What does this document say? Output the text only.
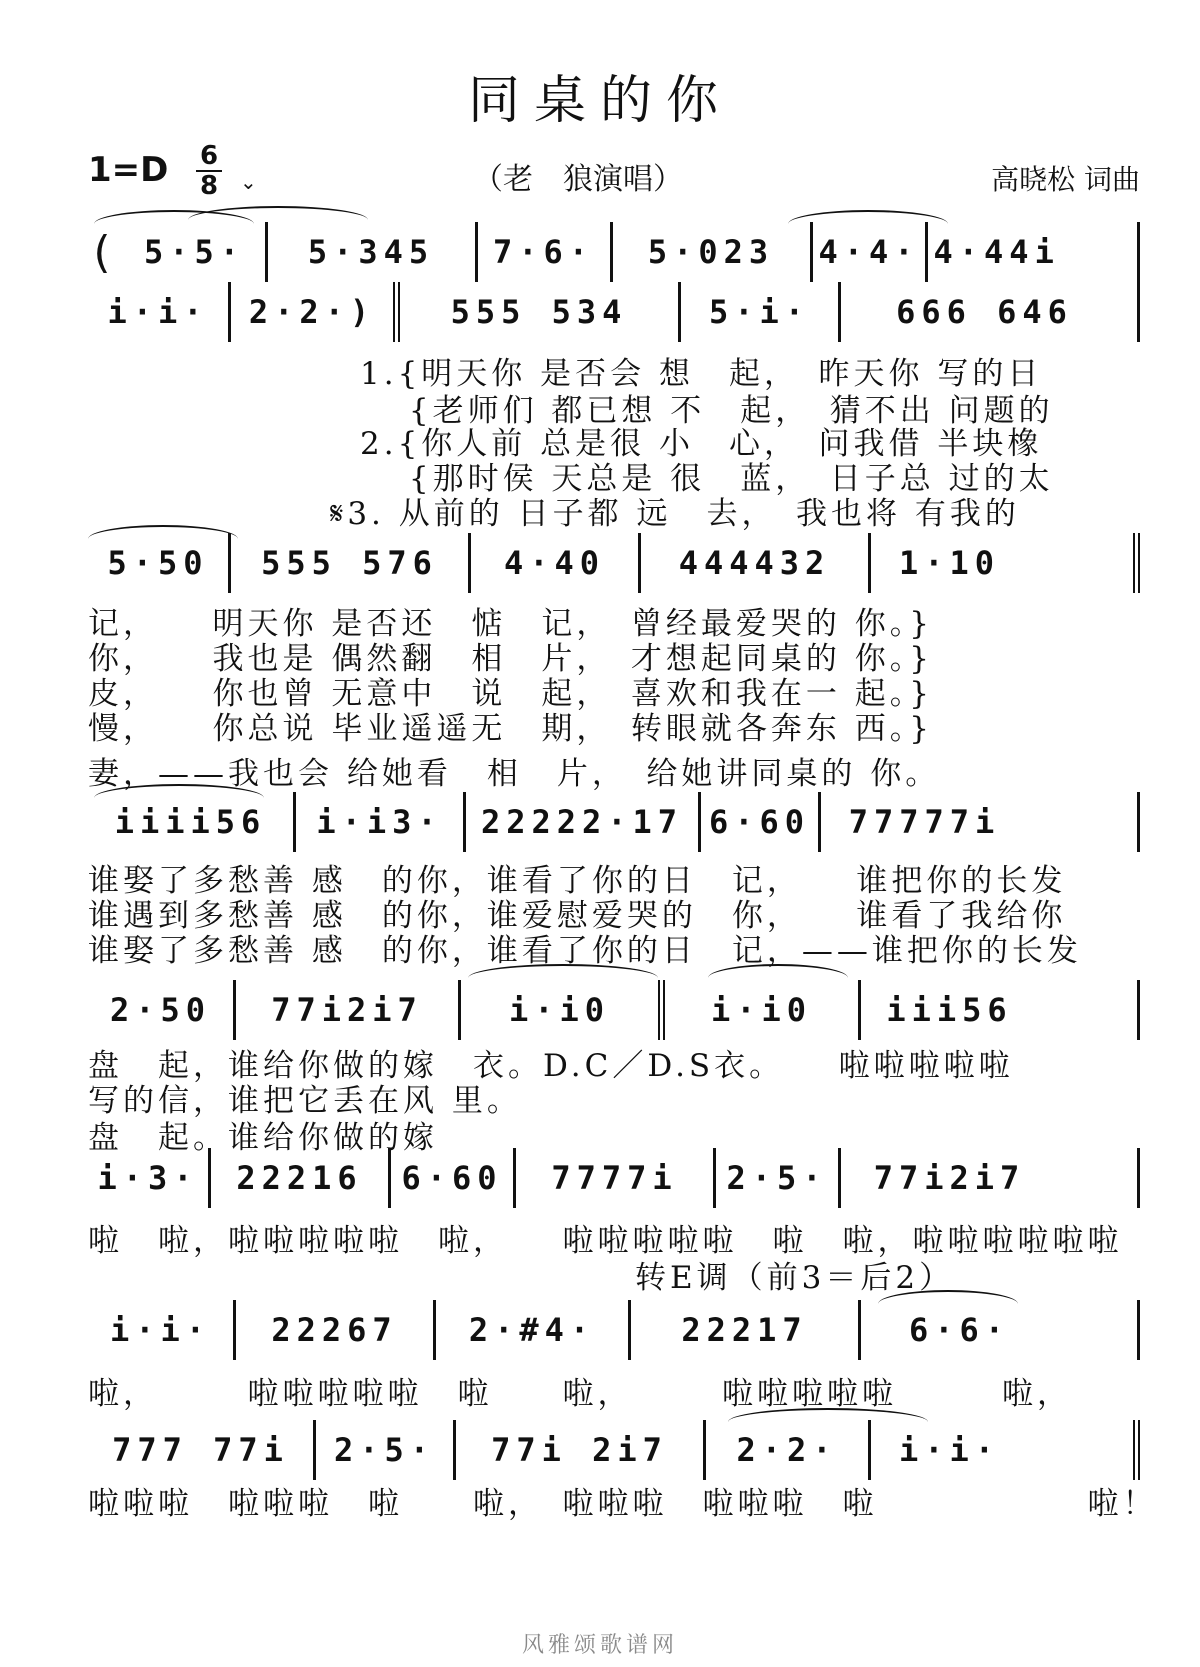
同桌的你
1=D	6
8	⌄	（老　狼演唱）	高晓松 词曲
( 5·5·	5·345	7·6·	5·023	4·4· 4·44i
i·i·	2·2·)	555 534	5·i·	666 646
1.{明天你 是否会 想　起，　昨天你 写的日
　 {老师们 都已想 不　起，　猜不出 问题的
2.{你人前 总是很 小　心，　问我借 半块橡
　 {那时侯 天总是 很　蓝，　日子总 过的太
𝄋3. 从前的 日子都 远　去，　我也将 有我的
5·50	555 576	4·40	444432	1·10
记，　　明天你 是否还　惦　记，　曾经最爱哭的 你。}
你，　　我也是 偶然翻　相　片，　才想起同桌的 你。}
皮，　　你也曾 无意中　说　起，　喜欢和我在一 起。}
慢，　　你总说 毕业遥遥无　期，　转眼就各奔东 西。}
妻，——我也会 给她看　相　片，　给她讲同桌的 你。
iiii56	i·i3·	22222·17 6·60	77777i
谁娶了多愁善 感　的你，谁看了你的日　记，　　谁把你的长发
谁遇到多愁善 感　的你，谁爱慰爱哭的　你，　　谁看了我给你
谁娶了多愁善 感　的你，谁看了你的日　记，——谁把你的长发
2·50	77i2i7	i·i0	i·i0	iii56
盘　起，谁给你做的嫁　衣。D.C／D.S衣。　　啦啦啦啦啦
写的信，谁把它丢在风 里。
盘　起。谁给你做的嫁
i·3·	22216	6·60	7777i	2·5·	77i2i7
啦　啦，啦啦啦啦啦　啦，　　啦啦啦啦啦　啦　啦，啦啦啦啦啦啦
转E调（前3＝后2）
i·i·	22267	2·#4·	22217	6·6·
啦，　　　啦啦啦啦啦　啦　　啦，　　　啦啦啦啦啦　　　啦，
777 77i	2·5·	77i 2i7	2·2·	i·i·
啦啦啦　啦啦啦　啦　　啦，　啦啦啦　啦啦啦　啦　　　　　　啦！
风雅颂歌谱网
